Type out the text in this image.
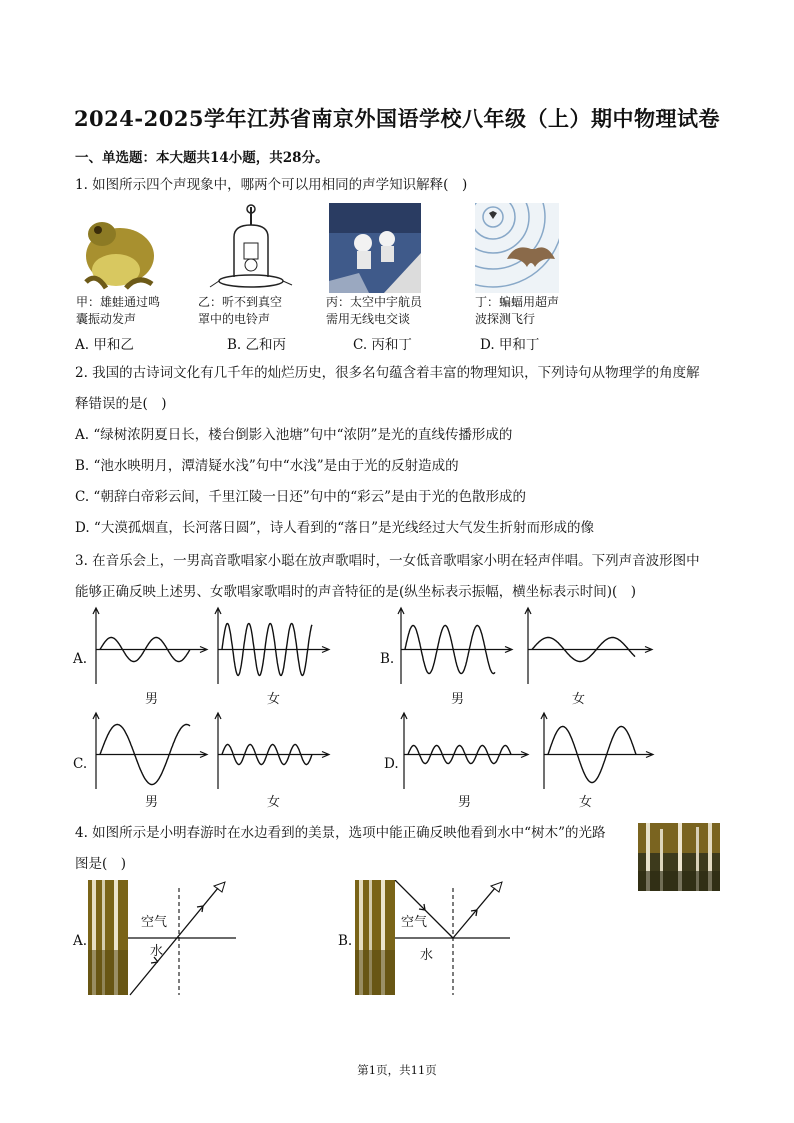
2024-2025学年江苏省南京外国语学校八年级（上）期中物理试卷
一、单选题：本大题共14小题，共28分。
1. 如图所示四个声现象中，哪两个可以用相同的声学知识解释(　)
甲：雄蛙通过鸣
囊振动发声
乙：听不到真空
罩中的电铃声
丙：太空中宇航员
需用无线电交谈
丁：蝙蝠用超声
波探测飞行
A. 甲和乙	B. 乙和丙	C. 丙和丁	D. 甲和丁
2. 我国的古诗词文化有几千年的灿烂历史，很多名句蕴含着丰富的物理知识，下列诗句从物理学的角度解
释错误的是(　)
A. “绿树浓阴夏日长，楼台倒影入池塘”句中“浓阴”是光的直线传播形成的
B. “池水映明月，潭清疑水浅”句中“水浅”是由于光的反射造成的
C. “朝辞白帝彩云间，千里江陵一日还”句中的“彩云”是由于光的色散形成的
D. “大漠孤烟直，长河落日圆”，诗人看到的“落日”是光线经过大气发生折射而形成的像
3. 在音乐会上，一男高音歌唱家小聪在放声歌唱时，一女低音歌唱家小明在轻声伴唱。下列声音波形图中
能够正确反映上述男、女歌唱家歌唱时的声音特征的是(纵坐标表示振幅，横坐标表示时间)(　)
A.	B.
C.	D.
男	女	男	女
男	女	男	女
4. 如图所示是小明春游时在水边看到的美景，选项中能正确反映他看到水中“树木”的光路
图是(　)
A.
空气
水
B.
空气
水
第1页，共11页
